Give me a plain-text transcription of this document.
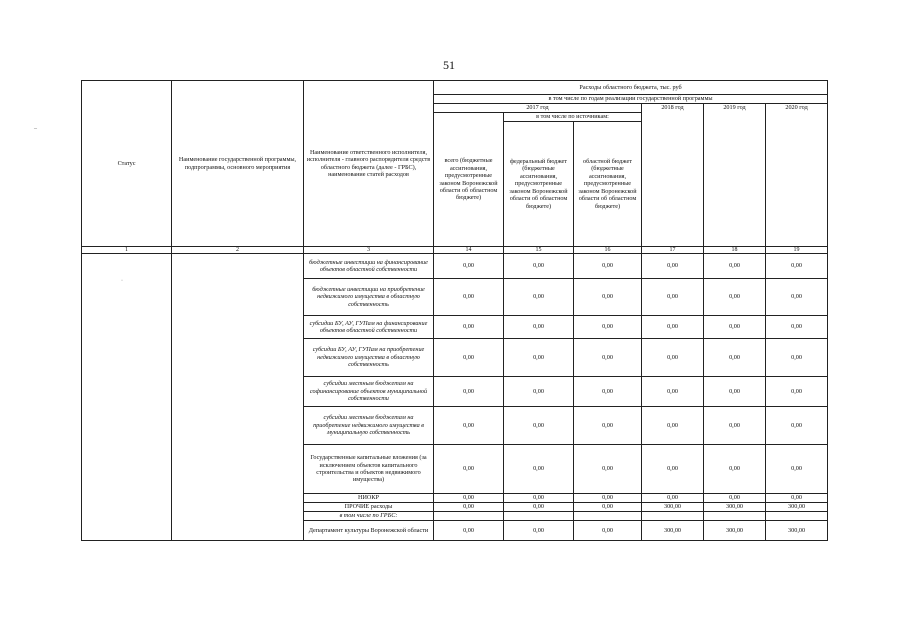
51
–
·
Статус	Наименование государственной программы, подпрограммы, основного мероприятия	Наименование ответственного исполнителя, исполнителя - главного распорядителя средств областного бюджета (далее - ГРБС), наименование статей расходов	Расходы областного бюджета, тыс. руб					
			в том числе по годам реализации государственной программы					
			2017 год			2018 год	2019 год	2020 год
			всего (бюджетные ассигнования, предусмотренные законом Воронежской области об областном бюджете)	в том числе по источникам:				
				федеральный бюджет (бюджетные ассигнования, предусмотренные законом Воронежской области об областном бюджете)	областной бюджет (бюджетные ассигнования, предусмотренные законом Воронежской области об областном бюджете)			
1	2	3	14	15	16	17	18	19
		бюджетные инвестиции на финансирование объектов областной собственности	0,00	0,00	0,00	0,00	0,00	0,00
		бюджетные инвестиции на приобретение недвижимого имущества в областную собственность	0,00	0,00	0,00	0,00	0,00	0,00
		субсидии БУ, АУ, ГУПам на финансирование объектов областной собственности	0,00	0,00	0,00	0,00	0,00	0,00
		субсидии БУ, АУ, ГУПам на приобретение недвижимого имущества в областную собственность	0,00	0,00	0,00	0,00	0,00	0,00
		субсидии местным бюджетам на софинансирование объектов муниципальной собственности	0,00	0,00	0,00	0,00	0,00	0,00
		субсидии местным бюджетам на приобретение недвижимого имущества в муниципальную собственность	0,00	0,00	0,00	0,00	0,00	0,00
		Государственные капитальные вложения (за исключением объектов капитального строительства и объектов недвижимого имущества)	0,00	0,00	0,00	0,00	0,00	0,00
		НИОКР	0,00	0,00	0,00	0,00	0,00	0,00
		ПРОЧИЕ расходы	0,00	0,00	0,00	300,00	300,00	300,00
		в том числе по ГРБС:						
		Департамент культуры Воронежской области	0,00	0,00	0,00	300,00	300,00	300,00
